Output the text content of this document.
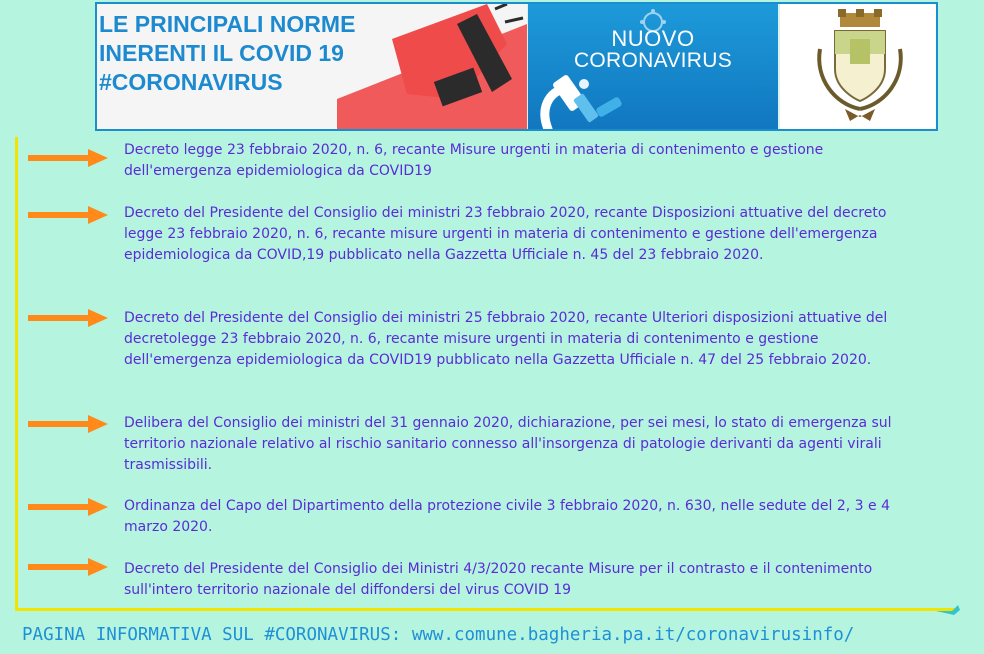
LE PRINCIPALI NORME
INERENTI IL COVID 19
#CORONAVIRUS

NUOVO
CORONAVIRUS

Decreto legge 23 febbraio 2020, n. 6, recante Misure urgenti in materia di contenimento e gestione dell'emergenza epidemiologica da COVID19

Decreto del Presidente del Consiglio dei ministri 23 febbraio 2020, recante Disposizioni attuative del decreto legge 23 febbraio 2020, n. 6, recante misure urgenti in materia di contenimento e gestione dell'emergenza epidemiologica da COVID‚19 pubblicato nella Gazzetta Ufficiale n. 45 del 23 febbraio 2020.

Decreto del Presidente del Consiglio dei ministri 25 febbraio 2020, recante Ulteriori disposizioni attuative del decretolegge 23 febbraio 2020, n. 6, recante misure urgenti in materia di contenimento e gestione dell'emergenza epidemiologica da COVID19 pubblicato nella Gazzetta Ufficiale n. 47 del 25 febbraio 2020.

Delibera del Consiglio dei ministri del 31 gennaio 2020, dichiarazione, per sei mesi, lo stato di emergenza sul territorio nazionale relativo al rischio sanitario connesso all'insorgenza di patologie derivanti da agenti virali trasmissibili.

Ordinanza del Capo del Dipartimento della protezione civile 3 febbraio 2020, n. 630, nelle sedute del 2, 3 e 4 marzo 2020.

Decreto del Presidente del Consiglio dei Ministri 4/3/2020 recante Misure per il contrasto e il contenimento sull'intero territorio nazionale del diffondersi del virus COVID 19

PAGINA INFORMATIVA SUL #CORONAVIRUS: www.comune.bagheria.pa.it/coronavirusinfo/
